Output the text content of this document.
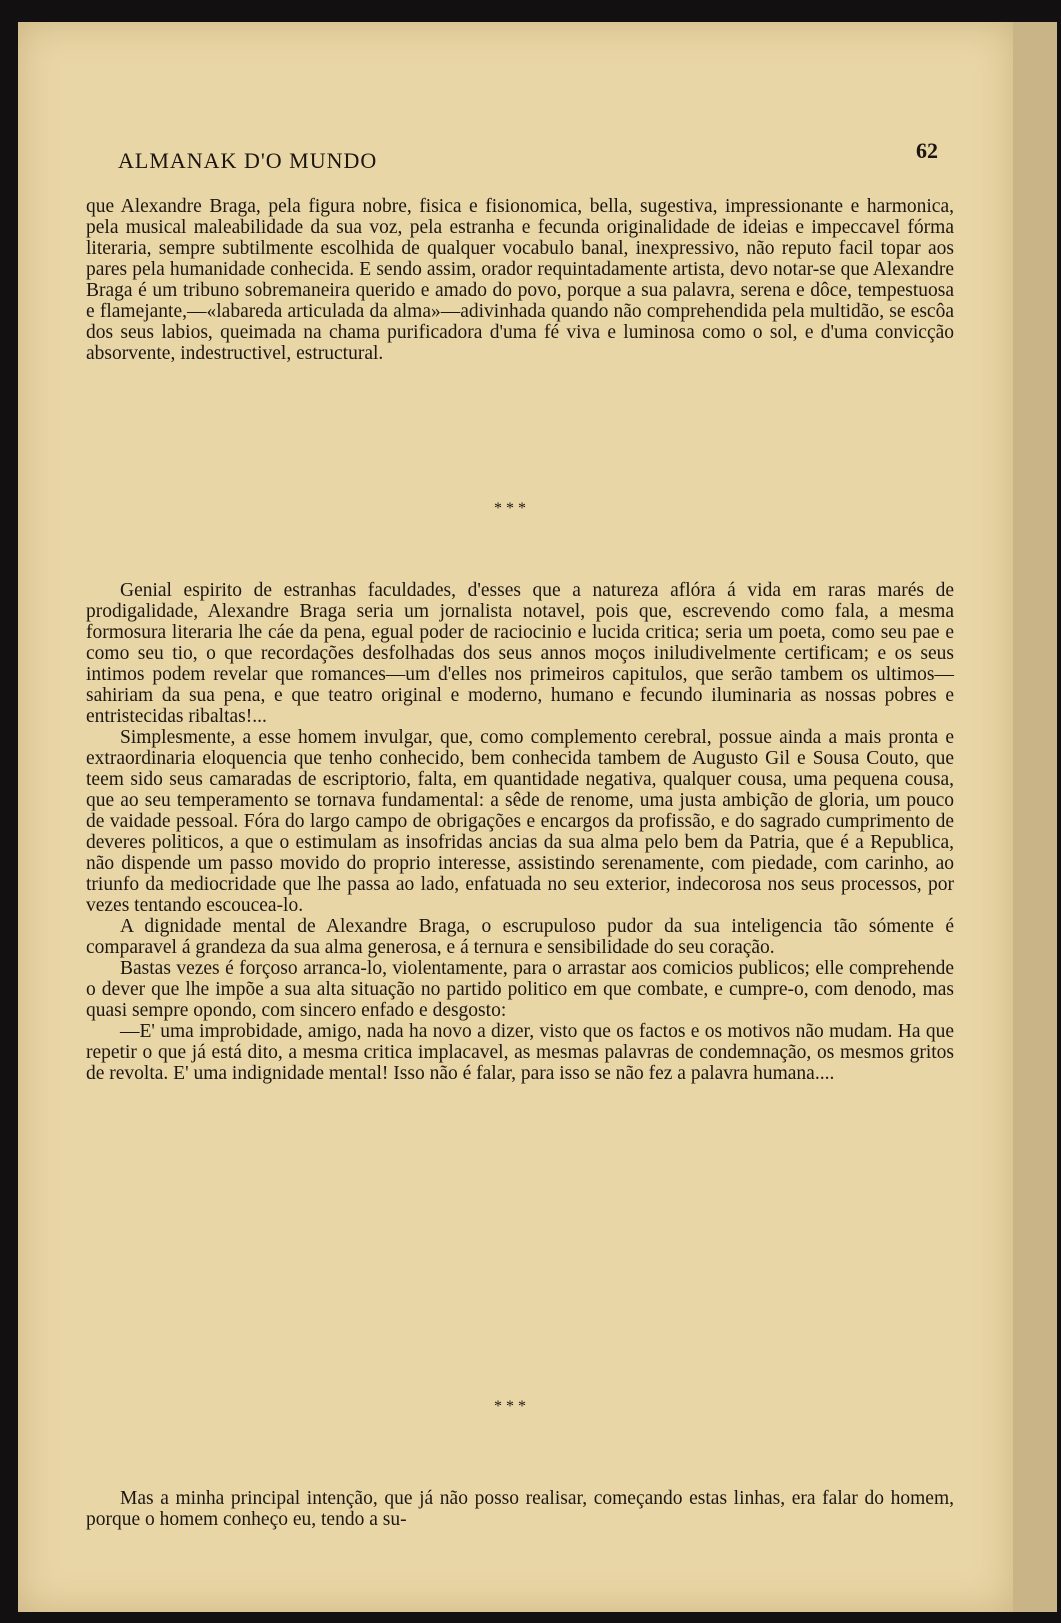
ALMANAK D'O MUNDO	62

que Alexandre Braga, pela figura nobre, fisica e fisionomica, bella, sugestiva, impressionante e harmonica, pela musical maleabilidade da sua voz, pela estranha e fecunda originalidade de ideias e impeccavel fórma literaria, sempre subtilmente escolhida de qualquer vocabulo banal, inexpressivo, não reputo facil topar aos pares pela humanidade conhecida. E sendo assim, orador requintadamente artista, devo notar-se que Alexandre Braga é um tribuno sobremaneira querido e amado do povo, porque a sua palavra, serena e dôce, tempestuosa e flamejante,—«labareda articulada da alma»—adivinhada quando não comprehendida pela multidão, se escôa dos seus labios, queimada na chama purificadora d'uma fé viva e luminosa como o sol, e d'uma convicção absorvente, indestructivel, estructural.

* * *

Genial espirito de estranhas faculdades, d'esses que a natureza aflóra á vida em raras marés de prodigalidade, Alexandre Braga seria um jornalista notavel, pois que, escrevendo como fala, a mesma formosura literaria lhe cáe da pena, egual poder de raciocinio e lucida critica; seria um poeta, como seu pae e como seu tio, o que recordações desfolhadas dos seus annos moços iniludivelmente certificam; e os seus intimos podem revelar que romances—um d'elles nos primeiros capitulos, que serão tambem os ultimos—sahiriam da sua pena, e que teatro original e moderno, humano e fecundo iluminaria as nossas pobres e entristecidas ribaltas!...

Simplesmente, a esse homem invulgar, que, como complemento cerebral, possue ainda a mais pronta e extraordinaria eloquencia que tenho conhecido, bem conhecida tambem de Augusto Gil e Sousa Couto, que teem sido seus camaradas de escriptorio, falta, em quantidade negativa, qualquer cousa, uma pequena cousa, que ao seu temperamento se tornava fundamental: a sêde de renome, uma justa ambição de gloria, um pouco de vaidade pessoal. Fóra do largo campo de obrigações e encargos da profissão, e do sagrado cumprimento de deveres politicos, a que o estimulam as insofridas ancias da sua alma pelo bem da Patria, que é a Republica, não dispende um passo movido do proprio interesse, assistindo serenamente, com piedade, com carinho, ao triunfo da mediocridade que lhe passa ao lado, enfatuada no seu exterior, indecorosa nos seus processos, por vezes tentando escoucea-lo.

A dignidade mental de Alexandre Braga, o escrupuloso pudor da sua inteligencia tão sómente é comparavel á grandeza da sua alma generosa, e á ternura e sensibilidade do seu coração.

Bastas vezes é forçoso arranca-lo, violentamente, para o arrastar aos comicios publicos; elle comprehende o dever que lhe impõe a sua alta situação no partido politico em que combate, e cumpre-o, com denodo, mas quasi sempre opondo, com sincero enfado e desgosto:

—E' uma improbidade, amigo, nada ha novo a dizer, visto que os factos e os motivos não mudam. Ha que repetir o que já está dito, a mesma critica implacavel, as mesmas palavras de condemnação, os mesmos gritos de revolta. E' uma indignidade mental! Isso não é falar, para isso se não fez a palavra humana....

* * *

Mas a minha principal intenção, que já não posso realisar, começando estas linhas, era falar do homem, porque o homem conheço eu, tendo a su-
